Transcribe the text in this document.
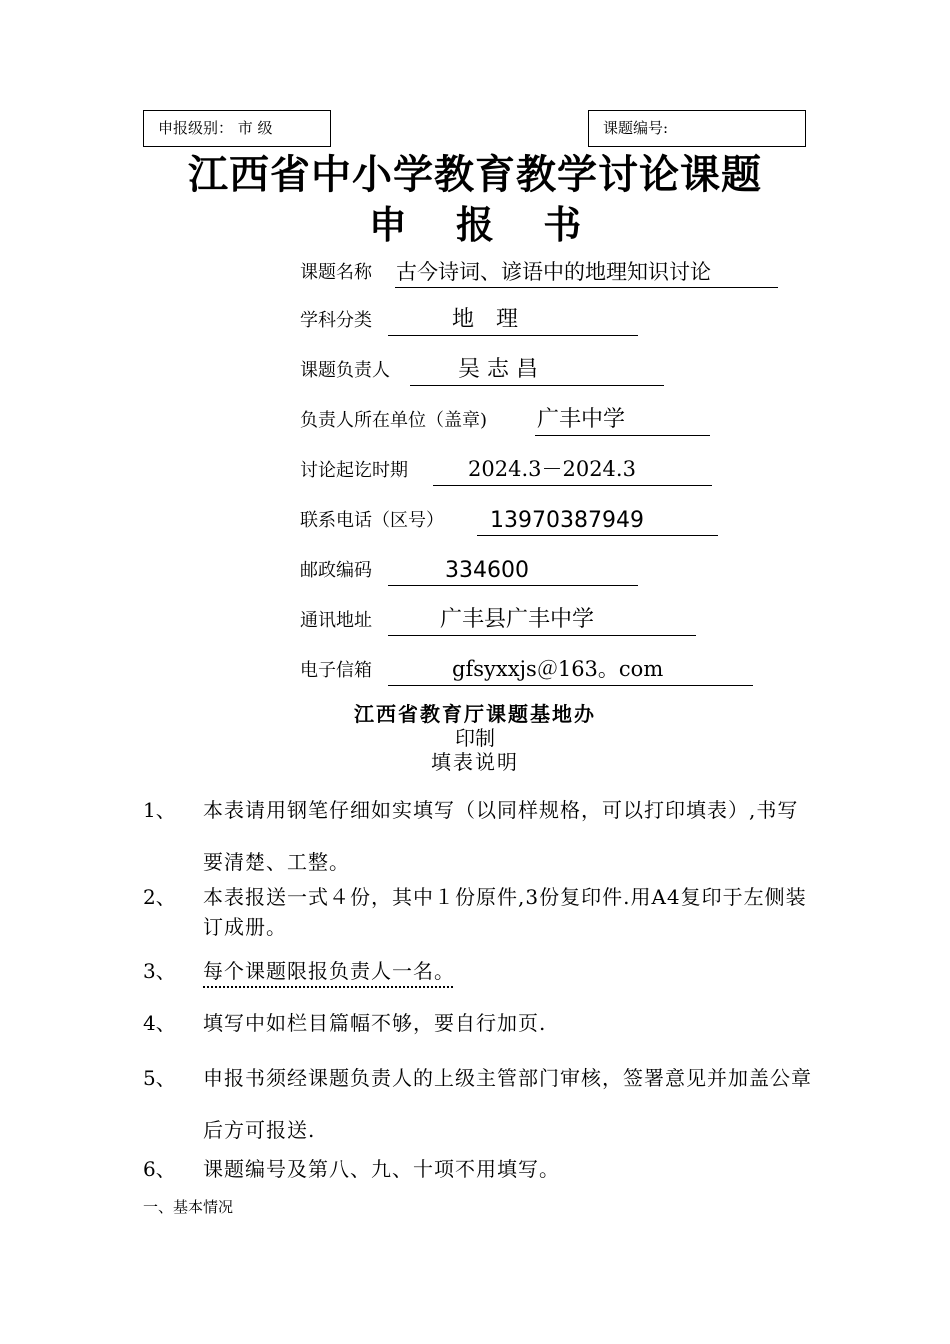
申报级别： 市 级	课题编号:
江西省中小学教育教学讨论课题
申 报 书
课题名称 古今诗词、谚语中的地理知识讨论
学科分类	地　理
课题负责人	吴 志 昌
负责人所在单位（盖章) 广丰中学
讨论起讫时期	2024.3－2024.3
联系电话（区号） 13970387949
邮政编码	334600
通讯地址	广丰县广丰中学
电子信箱	gfsyxxjs＠163。com
江西省教育厅课题基地办
印制
填表说明
1、 本表请用钢笔仔细如实填写（以同样规格，可以打印填表）,书写要清楚、工整。
2、 本表报送一式４份，其中１份原件,3份复印件.用A4复印于左侧装订成册。
3、 每个课题限报负责人一名。
4、 填写中如栏目篇幅不够，要自行加页.
5、 申报书须经课题负责人的上级主管部门审核，签署意见并加盖公章后方可报送.
6、 课题编号及第八、九、十项不用填写。
一、基本情况
